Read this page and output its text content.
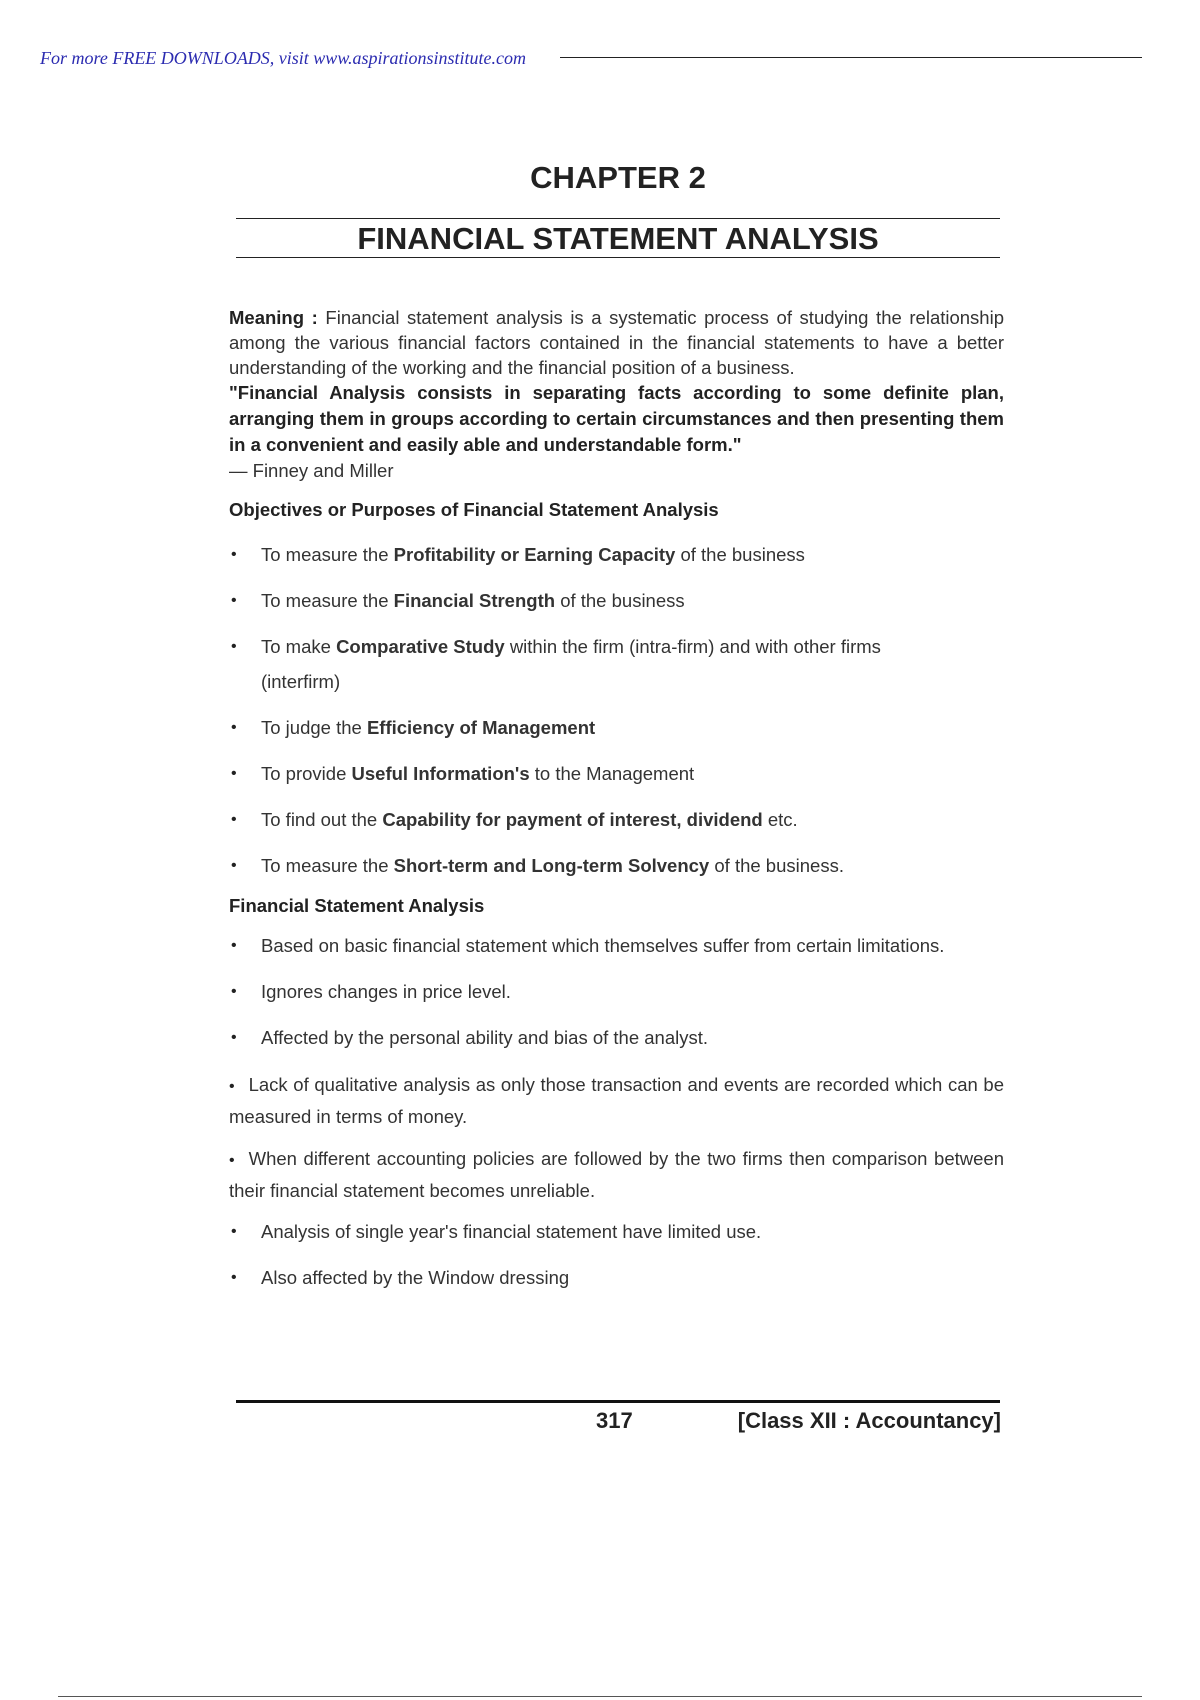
For more FREE DOWNLOADS, visit www.aspirationsinstitute.com
CHAPTER 2
FINANCIAL STATEMENT ANALYSIS

Meaning : Financial statement analysis is a systematic process of studying the relationship among the various financial factors contained in the financial statements to have a better understanding of the working and the financial position of a business.

"Financial Analysis consists in separating facts according to some definite plan, arranging them in groups according to certain circumstances and then presenting them in a convenient and easily able and understandable form."

— Finney and Miller

Objectives or Purposes of Financial Statement Analysis

• To measure the Profitability or Earning Capacity of the business
• To measure the Financial Strength of the business
• To make Comparative Study within the firm (intra-firm) and with other firms
(interfirm)
• To judge the Efficiency of Management
• To provide Useful Information's to the Management
• To find out the Capability for payment of interest, dividend etc.
• To measure the Short-term and Long-term Solvency of the business.

Financial Statement Analysis

• Based on basic financial statement which themselves suffer from certain limitations.
• Ignores changes in price level.
• Affected by the personal ability and bias of the analyst.
• Lack of qualitative analysis as only those transaction and events are recorded which can be measured in terms of money.
• When different accounting policies are followed by the two firms then comparison between their financial statement becomes unreliable.
• Analysis of single year's financial statement have limited use.
• Also affected by the Window dressing
317	[Class XII : Accountancy]
